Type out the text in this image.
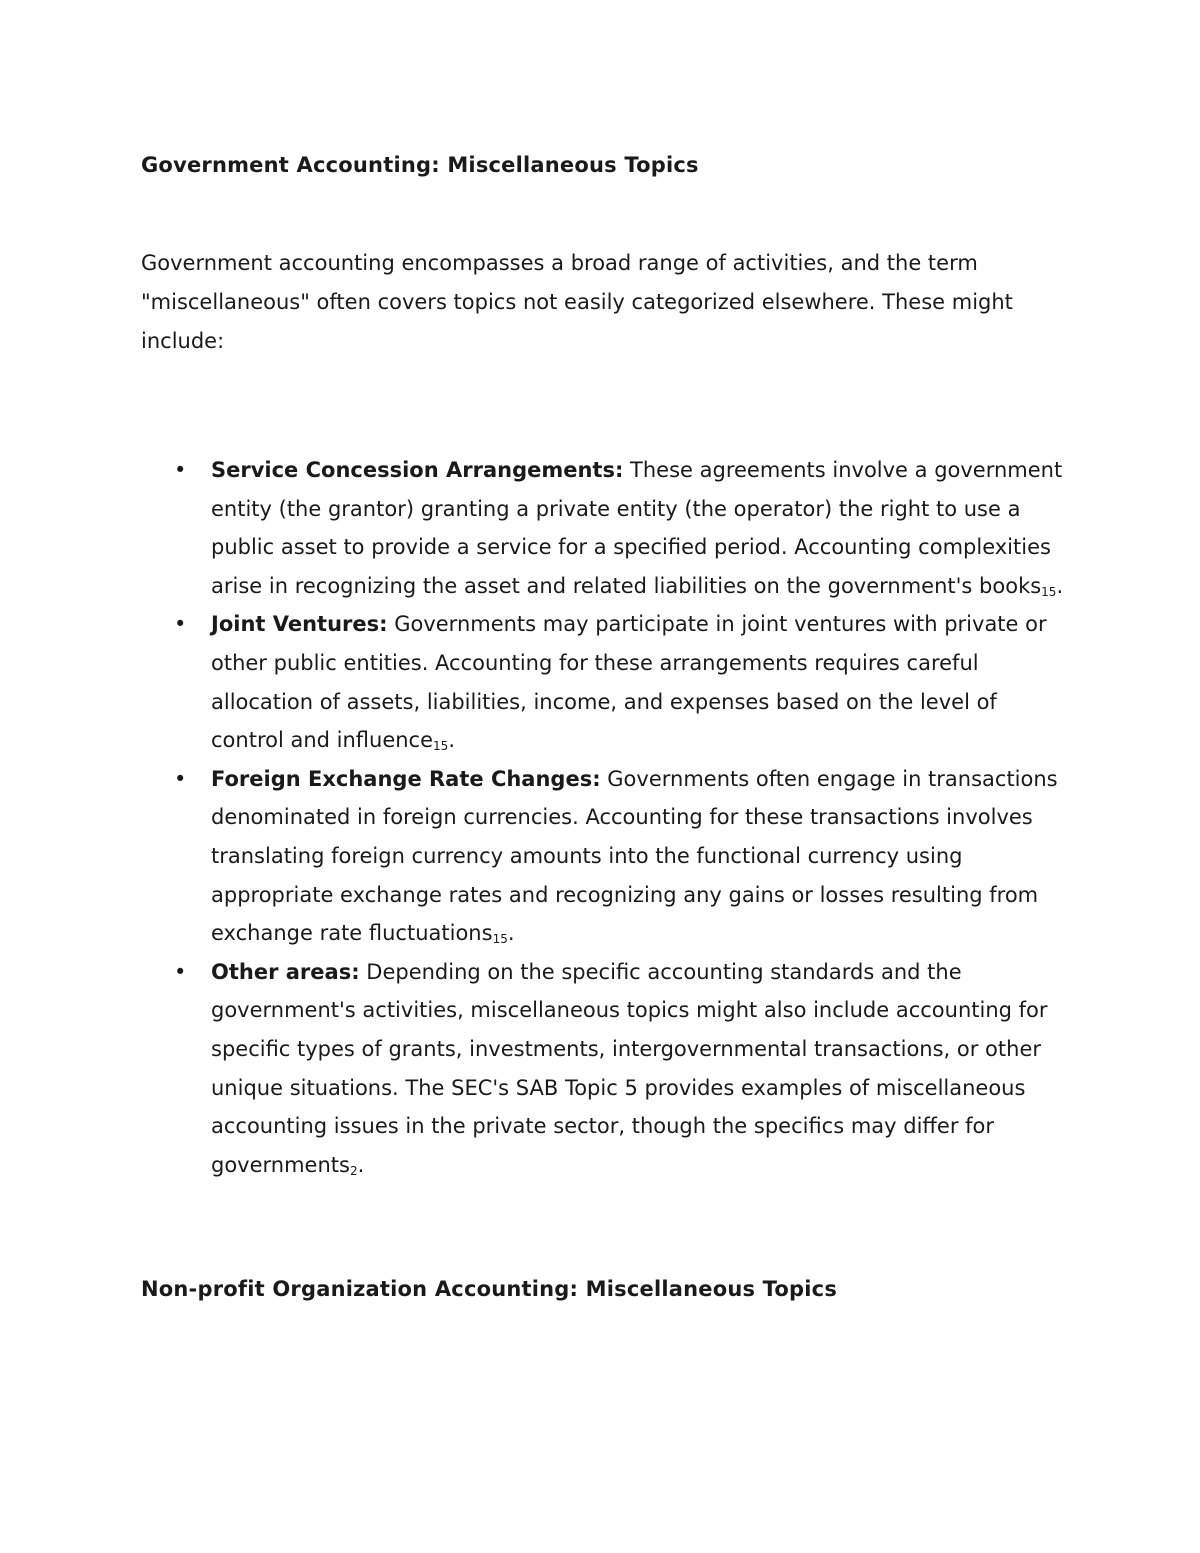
Government Accounting: Miscellaneous Topics

Government accounting encompasses a broad range of activities, and the term "miscellaneous" often covers topics not easily categorized elsewhere. These might include:

• Service Concession Arrangements: These agreements involve a government entity (the grantor) granting a private entity (the operator) the right to use a public asset to provide a service for a specified period. Accounting complexities arise in recognizing the asset and related liabilities on the government's books$_{15}$.
• Joint Ventures: Governments may participate in joint ventures with private or other public entities. Accounting for these arrangements requires careful allocation of assets, liabilities, income, and expenses based on the level of control and influence$_{15}$.
• Foreign Exchange Rate Changes: Governments often engage in transactions denominated in foreign currencies. Accounting for these transactions involves translating foreign currency amounts into the functional currency using appropriate exchange rates and recognizing any gains or losses resulting from exchange rate fluctuations$_{15}$.
• Other areas: Depending on the specific accounting standards and the government's activities, miscellaneous topics might also include accounting for specific types of grants, investments, intergovernmental transactions, or other unique situations. The SEC's SAB Topic 5 provides examples of miscellaneous accounting issues in the private sector, though the specifics may differ for governments$_2$.
Non-profit Organization Accounting: Miscellaneous Topics
